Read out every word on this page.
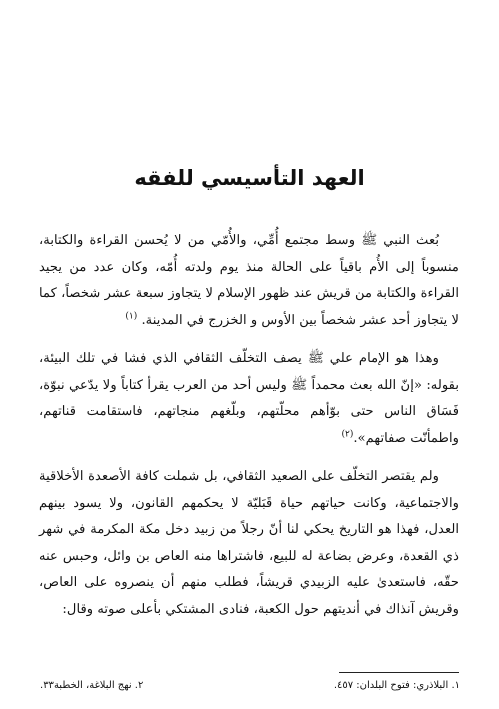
العهد التأسيسي للفقه

بُعث النبي ﷺ وسط مجتمع أُمِّي، والأُمّي من لا يُحسن القراءة والكتابة، منسوباً إلى الأُم باقياً على الحالة منذ يوم ولدته أُمّه، وكان عدد من يجيد القراءة والكتابة من قريش عند ظهور الإسلام لا يتجاوز سبعة عشر شخصاً، كما لا يتجاوز أحد عشر شخصاً بين الأوس و الخزرج في المدينة. $^{(١)}$

وهذا هو الإمام علي ﷺ يصف التخلّف الثقافي الذي فشا في تلك البيئة، بقوله: «إنّ الله بعث محمداً ﷺ وليس أحد من العرب يقرأ كتاباً ولا يدّعي نبوّة، فَسَاق الناس حتى بوّأهم محلّتهم، وبلّغهم منجاتهم، فاستقامت قناتهم، واطمأنّت صفاتهم».$^{(٢)}$

ولم يقتصر التخلّف على الصعيد الثقافي، بل شملت كافة الأصعدة الأخلاقية والاجتماعية، وكانت حياتهم حياة قَبَليّة لا يحكمهم القانون، ولا يسود بينهم العدل، فهذا هو التاريخ يحكي لنا أنّ رجلاً من زبيد دخل مكة المكرمة في شهر ذي القعدة، وعرض بضاعة له للبيع، فاشتراها منه العاص بن وائل، وحبس عنه حقّه، فاستعدىٰ عليه الزبيدي قريشاً، فطلب منهم أن ينصروه على العاص، وقريش آنذاك في أنديتهم حول الكعبة، فنادى المشتكي بأعلى صوته وقال:

١. البلاذري: فتوح البلدان: ٤٥٧.
٢. نهج البلاغة، الخطبة٣٣.
